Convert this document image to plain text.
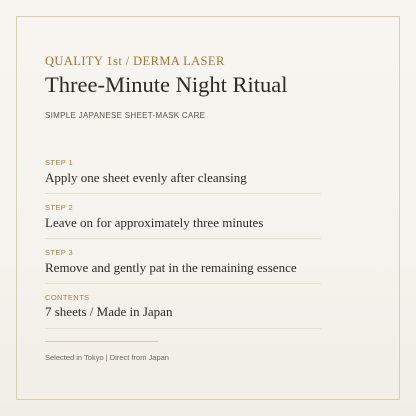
QUALITY 1st / DERMA LASER
Three-Minute Night Ritual
SIMPLE JAPANESE SHEET-MASK CARE
STEP 1
Apply one sheet evenly after cleansing
STEP 2
Leave on for approximately three minutes
STEP 3
Remove and gently pat in the remaining essence
CONTENTS
7 sheets / Made in Japan
Selected in Tokyo | Direct from Japan
